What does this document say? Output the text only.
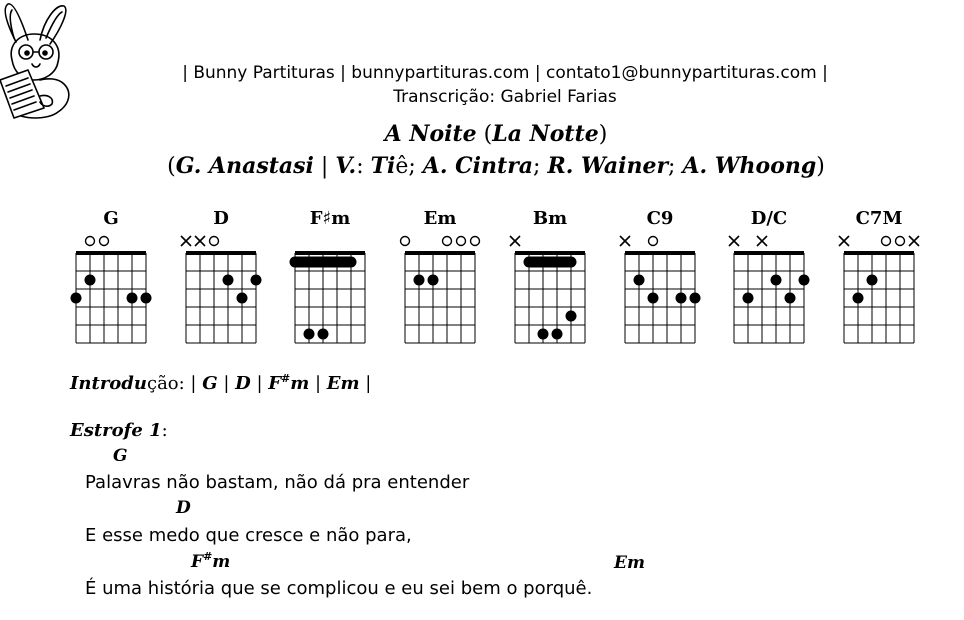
| Bunny Partituras | bunnypartituras.com | contato1@bunnypartituras.com |
Transcrição: Gabriel Farias
A Noite (La Notte)
(G. Anastasi | V.: Tiê; A. Cintra; R. Wainer; A. Whoong)
G	D	F♯m	Em	Bm	C9	D/C	C7M
Introdução: | G | D | F#m | Em |
Estrofe 1:
G
Palavras não bastam, não dá pra entender
D
E esse medo que cresce e não para,
F#m	Em
É uma história que se complicou e eu sei bem o porquê.
